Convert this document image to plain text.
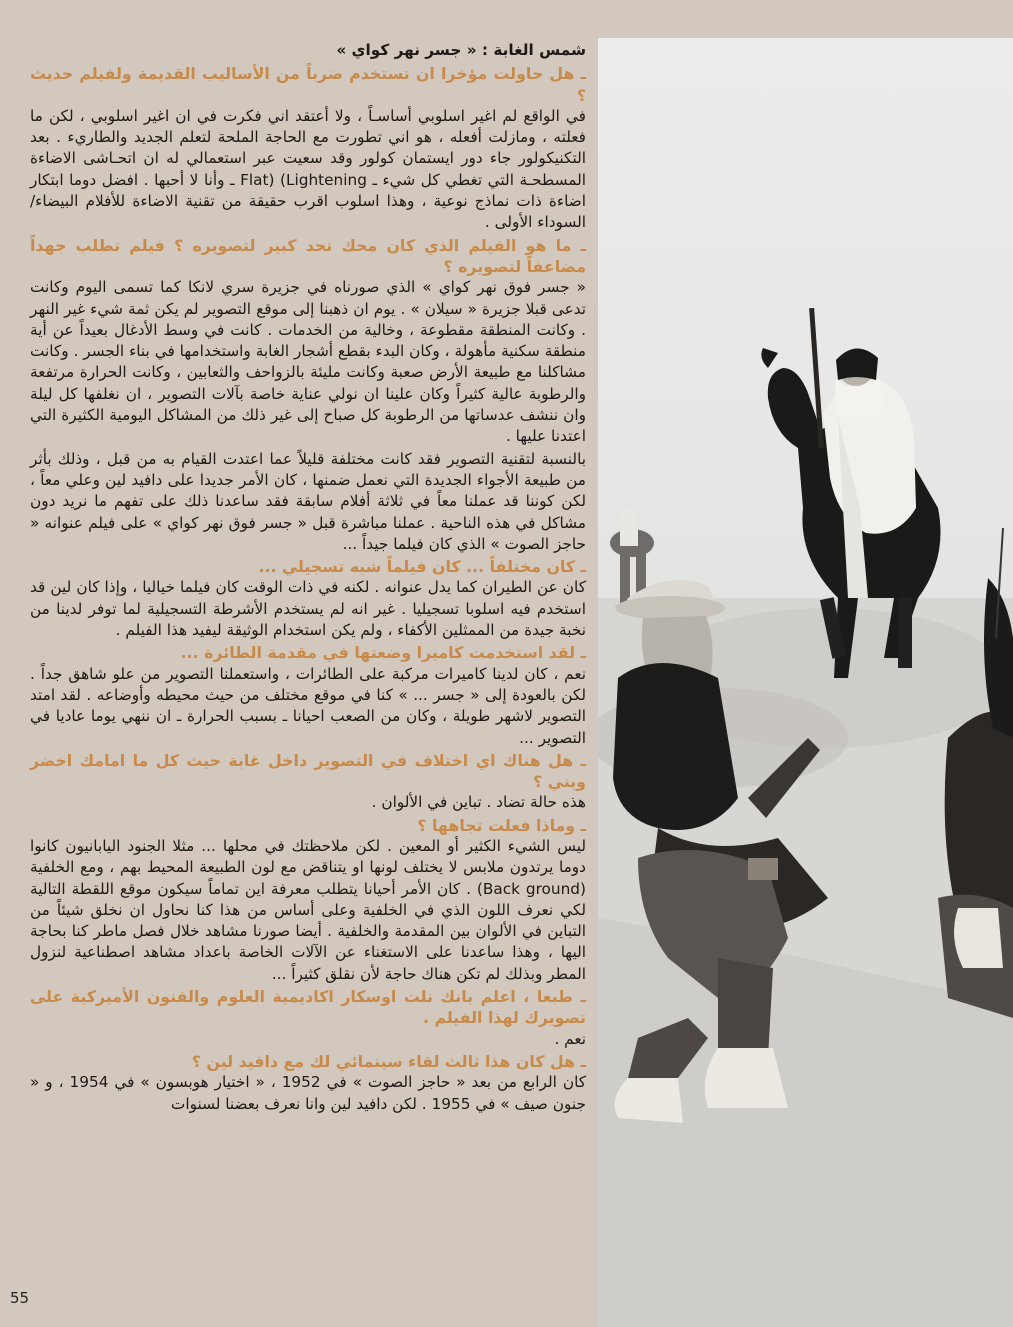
شمس الغابة : « جسر نهر كواي »

ـ هل حاولت مؤخرا ان تستخدم ضرباً من الأساليب القديمة ولفيلم حديث ؟

في الواقع لم اغير اسلوبي أساسـاً ، ولا أعتقد اني فكرت في ان اغير اسلوبي ، لكن ما فعلته ، ومازلت أفعله ، هو اني تطورت مع الحاجة الملحة لتعلم الجديد والطاريء . بعد التكنيكولور جاء دور ايستمان كولور وقد سعيت عبر استعمالي له ان اتحـاشى الاضاءة المسطحـة التي تغطي كل شيء ـ Flat) (Lightening ـ وأنا لا أحبها . افضل دوما ابتكار اضاءة ذات نماذج نوعية ، وهذا اسلوب اقرب حقيقة من تقنية الاضاءة للأفلام البيضاء/السوداء الأولى .

ـ ما هو الفيلم الذي كان محك تحد كبير لتصويره ؟ فيلم تطلب جهداً مضاعفاً لتصويره ؟

« جسر فوق نهر كواي » الذي صورناه في جزيرة سري لانكا كما تسمى اليوم وكانت تدعى قبلا جزيرة « سيلان » . يوم ان ذهبنا إلى موقع التصوير لم يكن ثمة شيء غير النهر . وكانت المنطقة مقطوعة ، وخالية من الخدمات . كانت في وسط الأدغال بعيداً عن أية منطقة سكنية مأهولة ، وكان البدء بقطع أشجار الغابة واستخدامها في بناء الجسر . وكانت مشاكلنا مع طبيعة الأرض صعبة وكانت مليئة بالزواحف والثعابين ، وكانت الحرارة مرتفعة والرطوبة عالية كثيراً وكان علينا ان نولي عناية خاصة بآلات التصوير ، ان نغلفها كل ليلة وان ننشف عدساتها من الرطوبة كل صباح إلى غير ذلك من المشاكل اليومية الكثيرة التي اعتدنا عليها .

بالنسبة لتقنية التصوير فقد كانت مختلفة قليلاً عما اعتدت القيام به من قبل ، وذلك بأثر من طبيعة الأجواء الجديدة التي نعمل ضمنها ، كان الأمر جديدا على دافيد لين وعلي معاً ، لكن كوننا قد عملنا معاً في ثلاثة أفلام سابقة فقد ساعدنا ذلك على تفهم ما نريد دون مشاكل في هذه الناحية . عملنا مباشرة قبل « جسر فوق نهر كواي » على فيلم عنوانه « حاجز الصوت » الذي كان فيلما جيداً ...

ـ كان مختلفاً ... كان فيلماً شبه تسجيلي ...

كان عن الطيران كما يدل عنوانه . لكنه في ذات الوقت كان فيلما خياليا ، وإذا كان لين قد استخدم فيه اسلوبا تسجيليا . غير انه لم يستخدم الأشرطة التسجيلية لما توفر لدينا من نخبة جيدة من الممثلين الأكفاء ، ولم يكن استخدام الوثيقة ليفيد هذا الفيلم .

ـ لقد استخدمت كاميرا وضعتها في مقدمة الطائرة ...

نعم ، كان لدينا كاميرات مركبة على الطائرات ، واستعملنا التصوير من علو شاهق جداً . لكن بالعودة إلى « جسر ... » كنا في موقع مختلف من حيث محيطه وأوضاعه . لقد امتد التصوير لاشهر طويلة ، وكان من الصعب احيانا ـ بسبب الحرارة ـ ان ننهي يوما عاديا في التصوير ...

ـ هل هناك اي اختلاف في التصوير داخل غابة حيث كل ما امامك اخضر وبني ؟

هذه حالة تضاد . تباين في الألوان .

ـ وماذا فعلت تجاهها ؟

ليس الشيء الكثير أو المعين . لكن ملاحظتك في محلها ... مثلا الجنود اليابانيون كانوا دوما يرتدون ملابس لا يختلف لونها او يتناقض مع لون الطبيعة المحيط بهم ، ومع الخلفية (Back ground) . كان الأمر أحيانا يتطلب معرفة اين تماماً سيكون موقع اللقطة التالية لكي نعرف اللون الذي في الخلفية وعلى أساس من هذا كنا نحاول ان نخلق شيئاً من التباين في الألوان بين المقدمة والخلفية . أيضا صورنا مشاهد خلال فصل ماطر كنا بحاجة اليها ، وهذا ساعدنا على الاستغناء عن الآلات الخاصة باعداد مشاهد اصطناعية لنزول المطر وبذلك لم تكن هناك حاجة لأن نقلق كثيراً ...

ـ طبعا ، اعلم بانك نلت اوسكار اكاديمية العلوم والفنون الأميركية على تصويرك لهذا الفيلم .

نعم .

ـ هل كان هذا ثالث لقاء سينمائي لك مع دافيد لين ؟

كان الرابع من بعد « حاجز الصوت » في 1952 ، « اختيار هوبسون » في 1954 ، و « جنون صيف » في 1955 . لكن دافيد لين وانا نعرف بعضنا لسنوات

55
